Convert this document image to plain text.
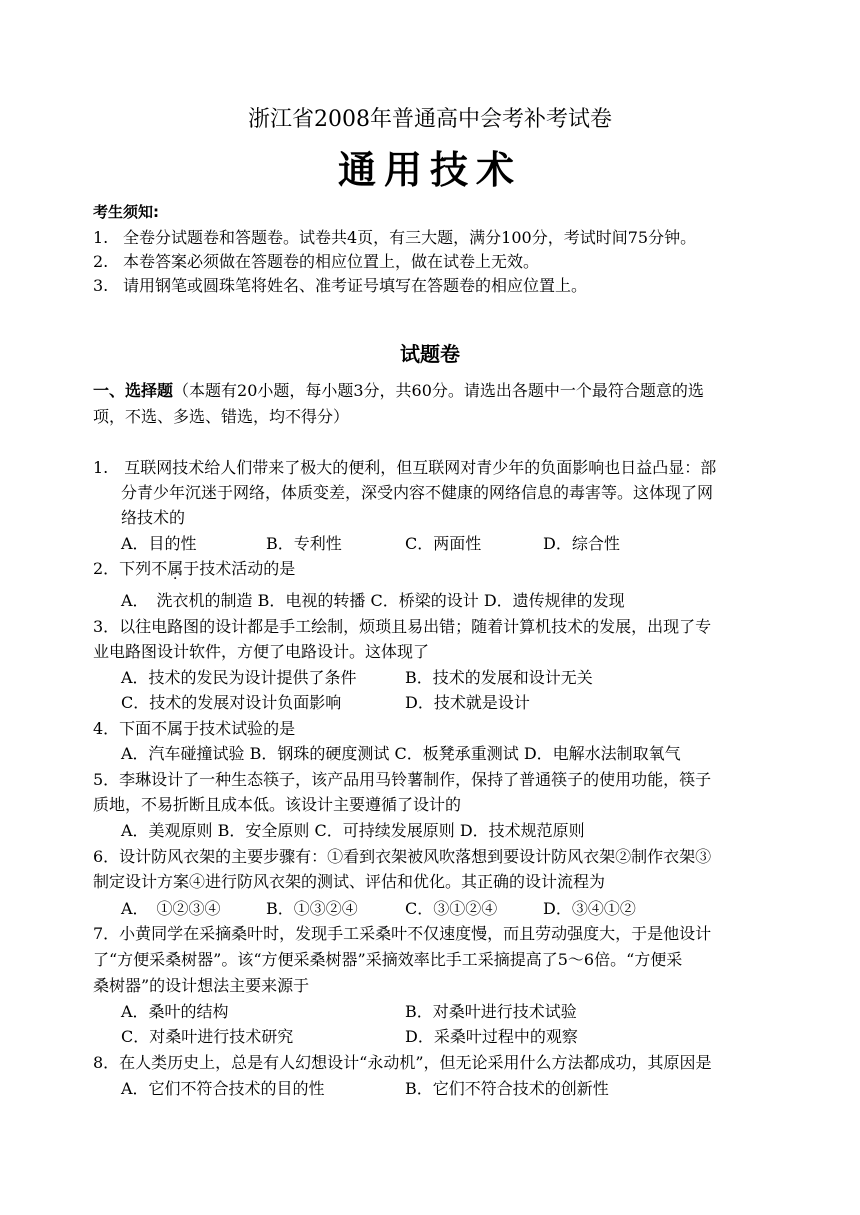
浙江省2008年普通高中会考补考试卷
通用技术
考生须知:
1. 全卷分试题卷和答题卷。试卷共4页，有三大题，满分100分，考试时间75分钟。
2. 本卷答案必须做在答题卷的相应位置上，做在试卷上无效。
3. 请用钢笔或圆珠笔将姓名、准考证号填写在答题卷的相应位置上。
试题卷
一、选择题（本题有20小题，每小题3分，共60分。请选出各题中一个最符合题意的选
项，不选、多选、错选，均不得分）
1.　互联网技术给人们带来了极大的便利，但互联网对青少年的负面影响也日益凸显：部
分青少年沉迷于网络，体质变差，深受内容不健康的网络信息的毒害等。这体现了网
络技术的
A．目的性	B．专利性	C．两面性	D．综合性
2．下列不属于技术活动的是
A．　洗衣机的制造 B．电视的转播 C．桥梁的设计 D．遗传规律的发现
3．以往电路图的设计都是手工绘制，烦琐且易出错；随着计算机技术的发展，出现了专
业电路图设计软件，方便了电路设计。这体现了
A．技术的发民为设计提供了条件	B．技术的发展和设计无关
C．技术的发展对设计负面影响	D．技术就是设计
4．下面不属于技术试验的是
A．汽车碰撞试验 B．钢珠的硬度测试 C．板凳承重测试 D．电解水法制取氧气
5．李琳设计了一种生态筷子，该产品用马铃薯制作，保持了普通筷子的使用功能，筷子
质地，不易折断且成本低。该设计主要遵循了设计的
A．美观原则 B．安全原则 C．可持续发展原则 D．技术规范原则
6．设计防风衣架的主要步骤有：①看到衣架被风吹落想到要设计防风衣架②制作衣架③
制定设计方案④进行防风衣架的测试、评估和优化。其正确的设计流程为
A．　①②③④	B．①③②④	C．③①②④	D．③④①②
7．小黄同学在采摘桑叶时，发现手工采桑叶不仅速度慢，而且劳动强度大，于是他设计
了“方便采桑树器”。该“方便采桑树器”采摘效率比手工采摘提高了5～6倍。“方便采
桑树器”的设计想法主要来源于
A．桑叶的结构	B．对桑叶进行技术试验
C．对桑叶进行技术研究	D．采桑叶过程中的观察
8．在人类历史上，总是有人幻想设计“永动机”，但无论采用什么方法都成功，其原因是
A．它们不符合技术的目的性	B．它们不符合技术的创新性
